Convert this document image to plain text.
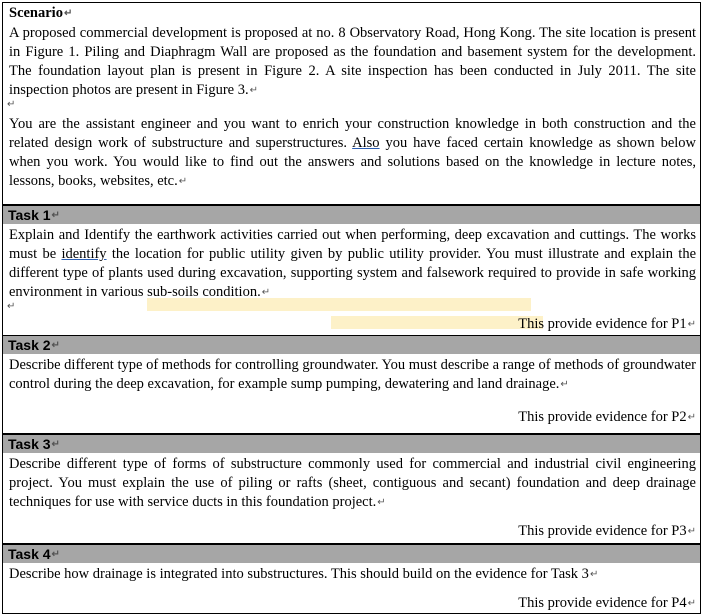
Scenario↵
A proposed commercial development is proposed at no. 8 Observatory Road, Hong Kong. The site location is present in Figure 1. Piling and Diaphragm Wall are proposed as the foundation and basement system for the development. The foundation layout plan is present in Figure 2. A site inspection has been conducted in July 2011. The site inspection photos are present in Figure 3.↵
↵
You are the assistant engineer and you want to enrich your construction knowledge in both construction and the related design work of substructure and superstructures. Also you have faced certain knowledge as shown below when you work. You would like to find out the answers and solutions based on the knowledge in lecture notes, lessons, books, websites, etc.↵
Task 1↵
Explain and Identify the earthwork activities carried out when performing, deep excavation and cuttings. The works must be identify the location for public utility given by public utility provider. You must illustrate and explain the different type of plants used during excavation, supporting system and falsework required to provide in safe working environment in various sub-soils condition.↵
↵
This provide evidence for P1↵
Task 2↵
Describe different type of methods for controlling groundwater. You must describe a range of methods of groundwater control during the deep excavation, for example sump pumping, dewatering and land drainage.↵
This provide evidence for P2↵
Task 3↵
Describe different type of forms of substructure commonly used for commercial and industrial civil engineering project. You must explain the use of piling or rafts (sheet, contiguous and secant) foundation and deep drainage techniques for use with service ducts in this foundation project.↵
This provide evidence for P3↵
Task 4↵
Describe how drainage is integrated into substructures. This should build on the evidence for Task 3↵
This provide evidence for P4↵
